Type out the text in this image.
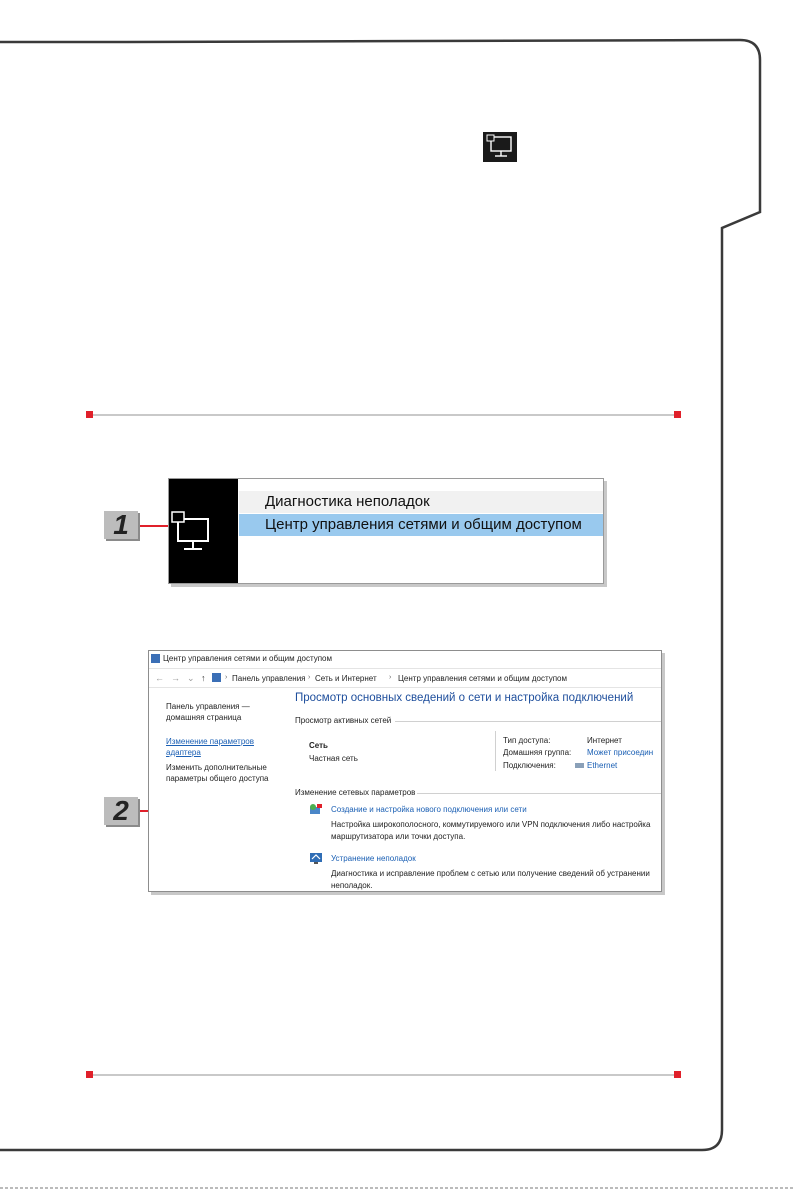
1
Диагностика неполадок
Центр управления сетями и общим доступом
2
Центр управления сетями и общим доступом
← → ⌄ ↑	› Панель управления › Сеть и Интернет › Центр управления сетями и общим доступом
Панель управления — домашняя страница
Изменение параметров адаптера
Изменить дополнительные параметры общего доступа
Просмотр основных сведений о сети и настройка подключений
Просмотр активных сетей
Сеть
Частная сеть
Тип доступа:	Интернет
Домашняя группа: Может присоедин
Подключения:	Ethernet
Изменение сетевых параметров
Создание и настройка нового подключения или сети
Настройка широкополосного, коммутируемого или VPN подключения либо настройка маршрутизатора или точки доступа.
Устранение неполадок
Диагностика и исправление проблем с сетью или получение сведений об устранении неполадок.
